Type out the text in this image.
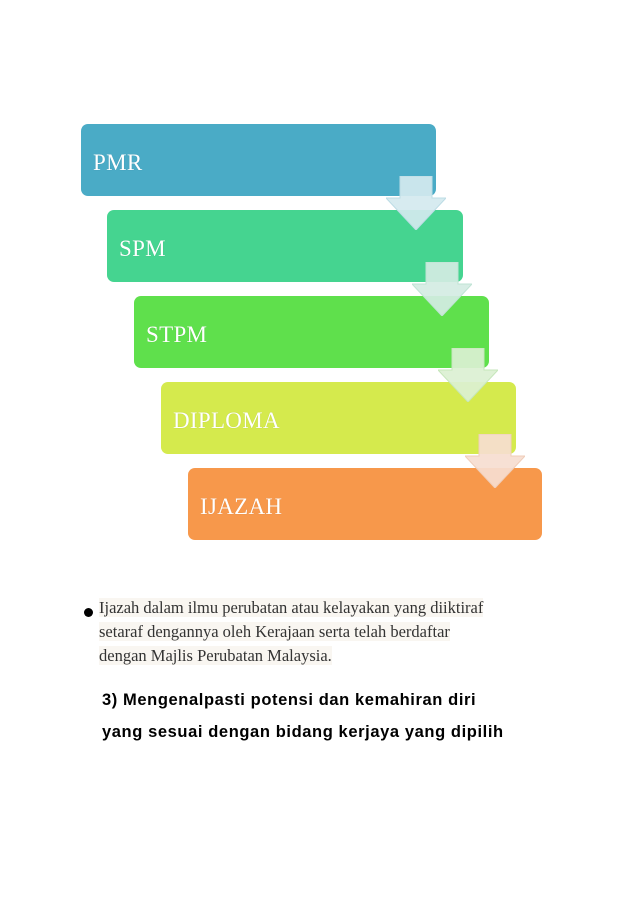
PMR
SPM
STPM
DIPLOMA
IJAZAH
Ijazah dalam ilmu perubatan atau kelayakan yang diiktiraf
setaraf dengannya oleh Kerajaan serta telah berdaftar
dengan Majlis Perubatan Malaysia.
3) Mengenalpasti potensi dan kemahiran diri
yang sesuai dengan bidang kerjaya yang dipilih
